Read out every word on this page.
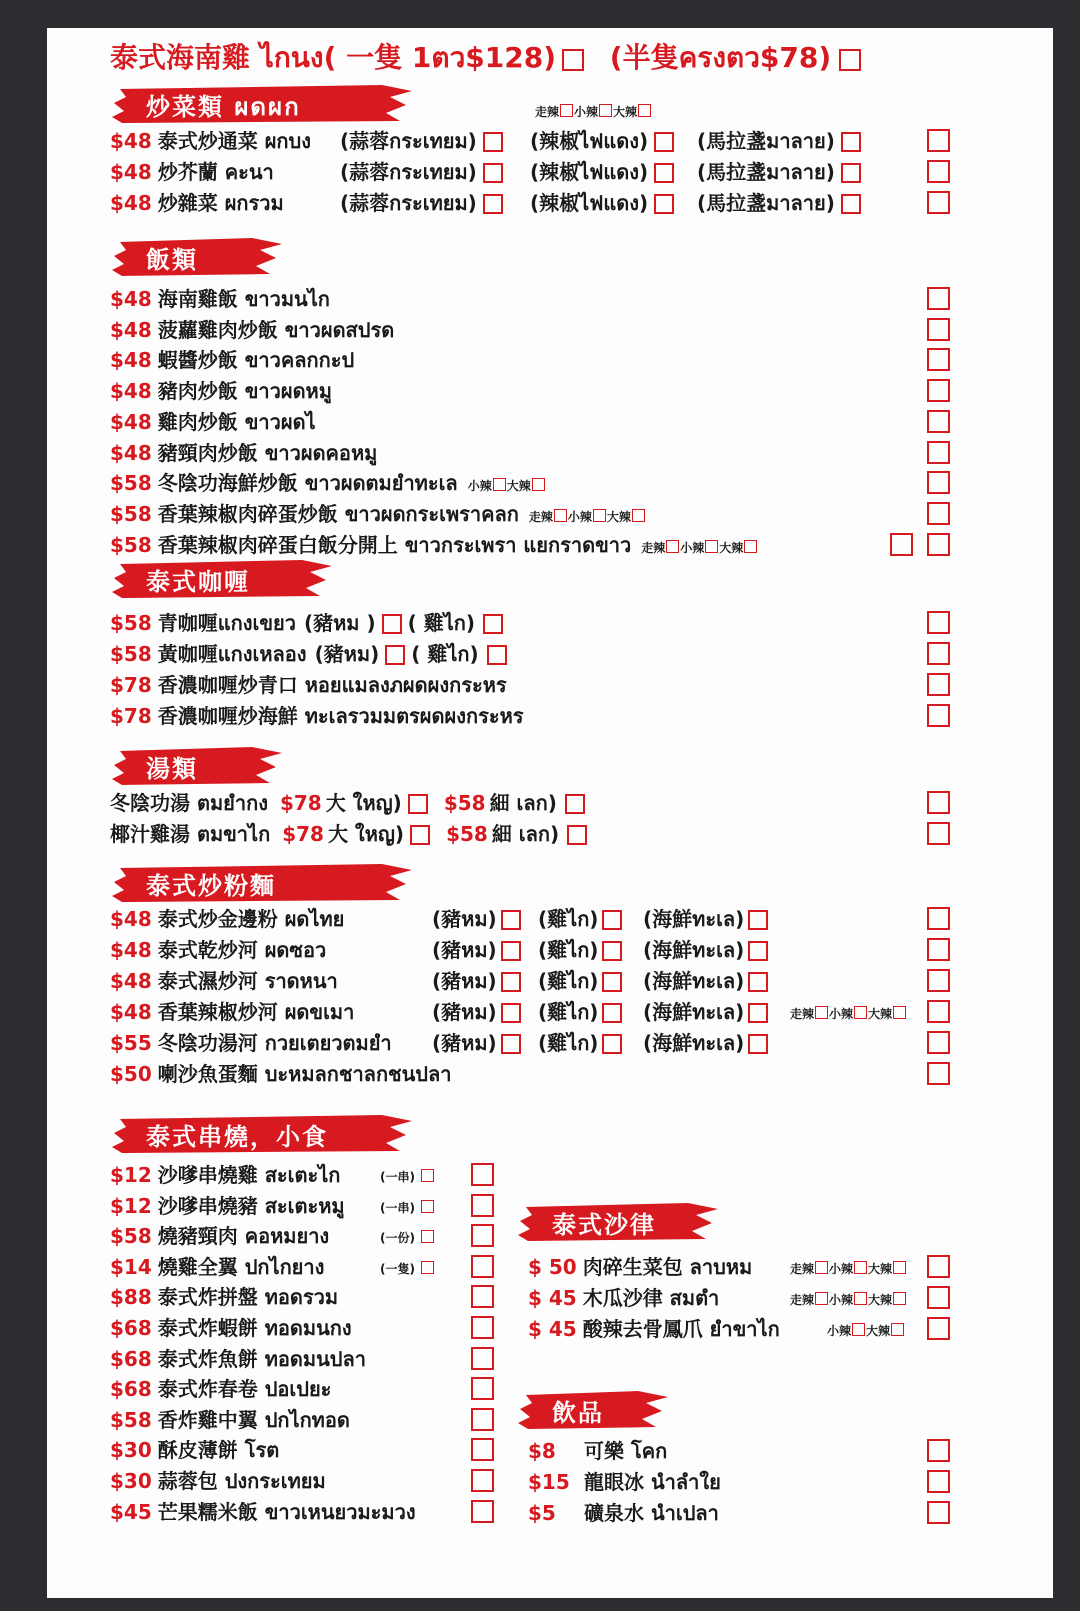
泰式海南雞 ไกนง( 一隻 1ตว$128) (半隻ครงตว$78)
炒菜類 ผดผก	走辣 小辣 大辣
$48 泰式炒通菜 ผกบง (蒜蓉กระเทยม)	(辣椒ไฟแดง)	(馬拉盞มาลาย)
$48 炒芥蘭 คะนา	(蒜蓉กระเทยม)	(辣椒ไฟแดง)	(馬拉盞มาลาย)
$48 炒雜菜 ผกรวม	(蒜蓉กระเทยม)	(辣椒ไฟแดง)	(馬拉盞มาลาย)
飯類
$48 海南雞飯 ขาวมนไก
$48 菠蘿雞肉炒飯 ขาวผดสปรด
$48 蝦醬炒飯 ขาวคลกกะป
$48 豬肉炒飯 ขาวผดหมู
$48 雞肉炒飯 ขาวผดไ
$48 豬頸肉炒飯 ขาวผดคอหมู
$58 冬陰功海鮮炒飯 ขาวผดตมยำทะเล 小辣 大辣
$58 香葉辣椒肉碎蛋炒飯 ขาวผดกระเพราคลก 走辣 小辣 大辣
$58 香葉辣椒肉碎蛋白飯分開上 ขาวกระเพรา แยกราดขาว 走辣 小辣 大辣
泰式咖喱
$58 青咖喱แกงเขยว (豬หม ) ( 雞ไก)
$58 黃咖喱แกงเหลอง (豬หม) ( 雞ไก)
$78 香濃咖喱炒青口 หอยแมลงภผดผงกระหร
$78 香濃咖喱炒海鮮 ทะเลรวมมตรผดผงกระหร
湯類
冬陰功湯 ตมยำกง $78 大 ใหญ) $58 細 เลก)
椰汁雞湯 ตมขาไก $78 大 ใหญ) $58 細 เลก)
泰式炒粉麵
$48 泰式炒金邊粉 ผดไทย	(豬หม)	(雞ไก)	(海鮮ทะเล)
$48 泰式乾炒河 ผดซอว	(豬หม)	(雞ไก)	(海鮮ทะเล)
$48 泰式濕炒河 ราดหนา	(豬หม)	(雞ไก)	(海鮮ทะเล)
$48 香葉辣椒炒河 ผดขเมา	(豬หม)	(雞ไก)	(海鮮ทะเล)	走辣 小辣 大辣
$55 冬陰功湯河 กวยเตยวตมยำ (豬หม)	(雞ไก)	(海鮮ทะเล)
$50 喇沙魚蛋麵 บะหมลกชาลกชนปลา
泰式串燒，小食
$12 沙嗲串燒雞 สะเตะไก	(一串)
$12 沙嗲串燒豬 สะเตะหมู	(一串)
$58 燒豬頸肉 คอหมยาง	(一份)
$14 燒雞全翼 ปกไกยาง	(一隻)
$88 泰式炸拼盤 ทอดรวม
$68 泰式炸蝦餅 ทอดมนกง
$68 泰式炸魚餅 ทอดมนปลา
$68 泰式炸春卷 ปอเปยะ
$58 香炸雞中翼 ปกไกทอด
$30 酥皮薄餅 โรต
$30 蒜蓉包 ปงกระเทยม
$45 芒果糯米飯 ขาวเหนยวมะมวง
泰式沙律
$ 50 肉碎生菜包 ลาบหม	走辣 小辣 大辣
$ 45 木瓜沙律 สมตำ	走辣 小辣 大辣
$ 45 酸辣去骨鳳爪 ยำขาไก	小辣 大辣
飲品
$8 可樂 โคก
$15 龍眼冰 นำลำใย
$5 礦泉水 นำเปลา
